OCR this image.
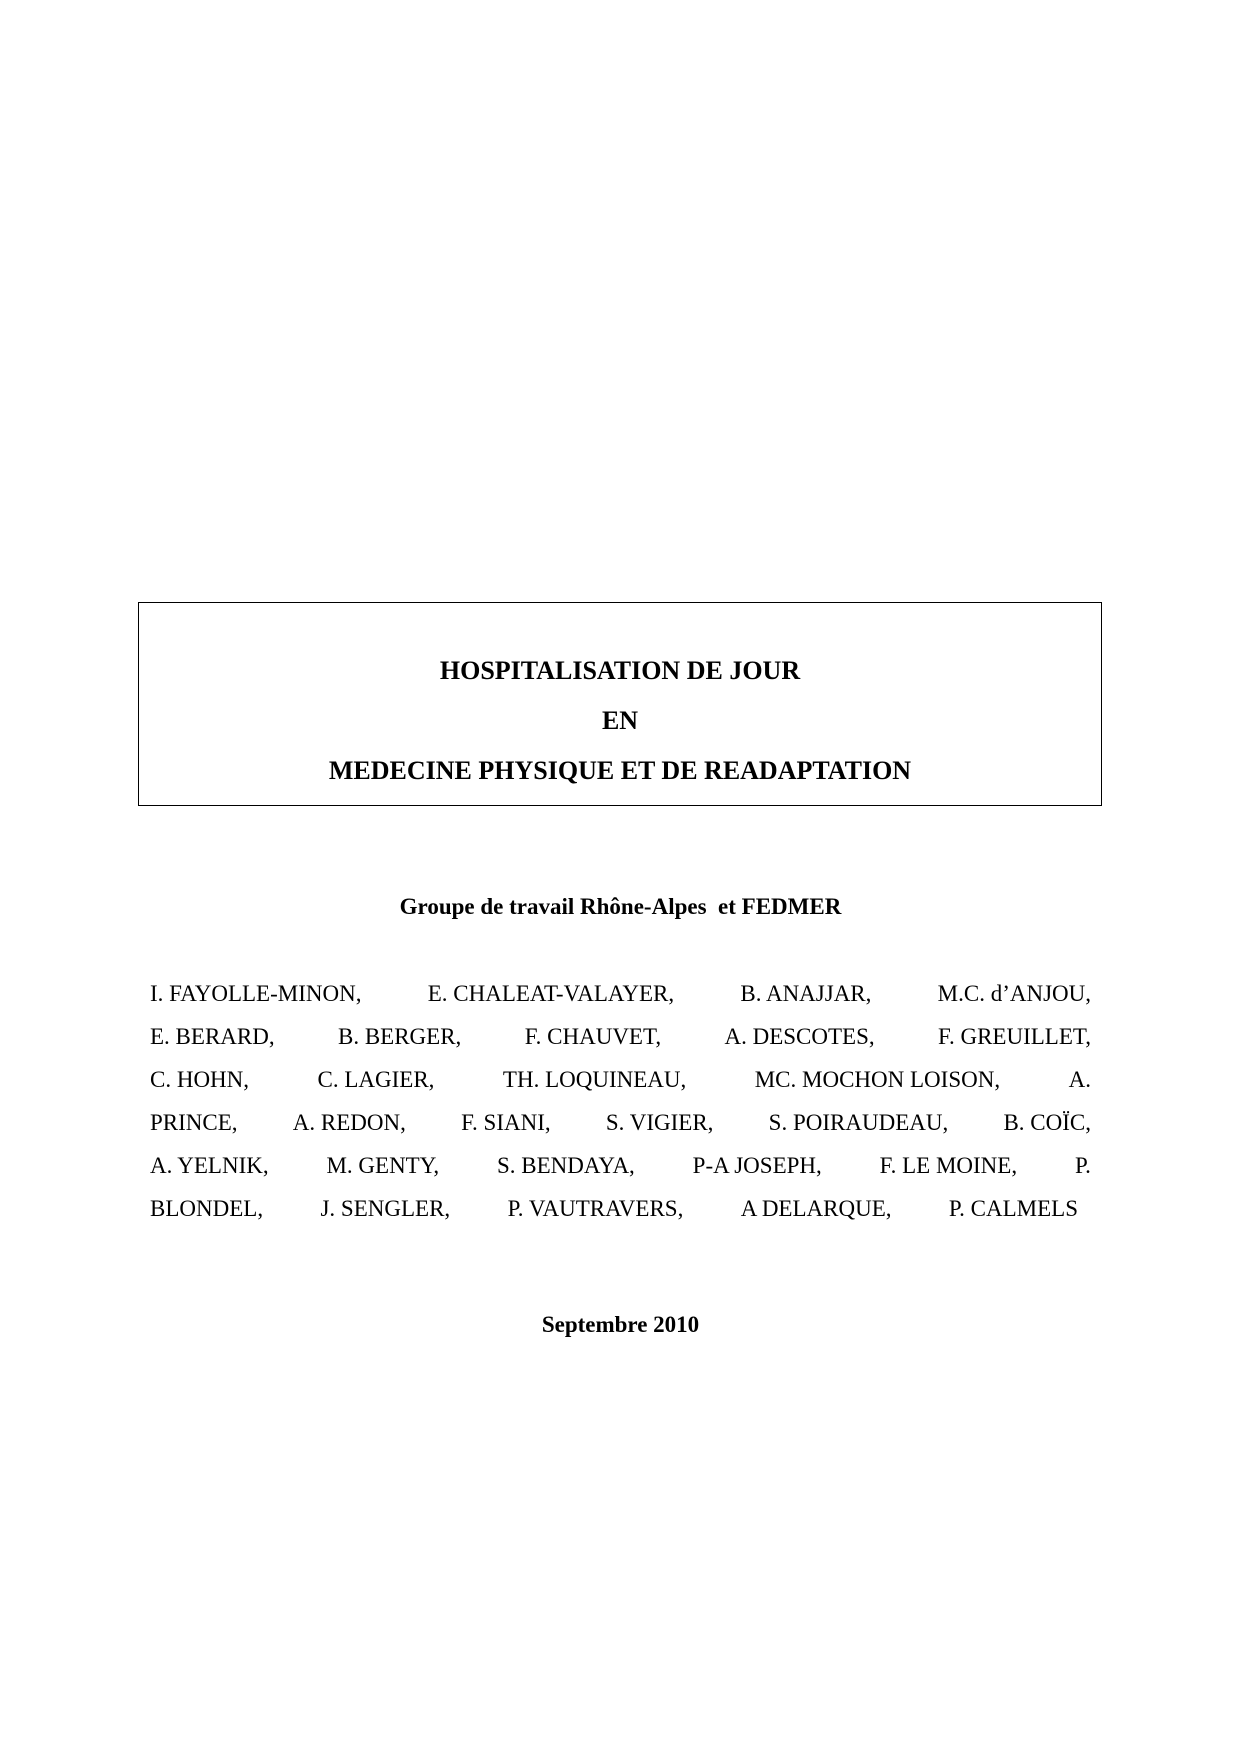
HOSPITALISATION DE JOUR
EN
MEDECINE PHYSIQUE ET DE READAPTATION
Groupe de travail Rhône-Alpes  et FEDMER
I. FAYOLLE-MINON,	E. CHALEAT-VALAYER,	B. ANAJJAR,	M.C. d’ANJOU,
E. BERARD,	B. BERGER,	F. CHAUVET,	A. DESCOTES,	F. GREUILLET,
C. HOHN,	C. LAGIER,	TH. LOQUINEAU,	MC. MOCHON LOISON,	A.
PRINCE, A. REDON, F. SIANI, S. VIGIER, S. POIRAUDEAU, B. COÏC,
A. YELNIK,	M. GENTY,	S. BENDAYA,	P-A JOSEPH,	F. LE MOINE,	P.
BLONDEL, J. SENGLER, P. VAUTRAVERS, A DELARQUE, P. CALMELS
Septembre 2010
